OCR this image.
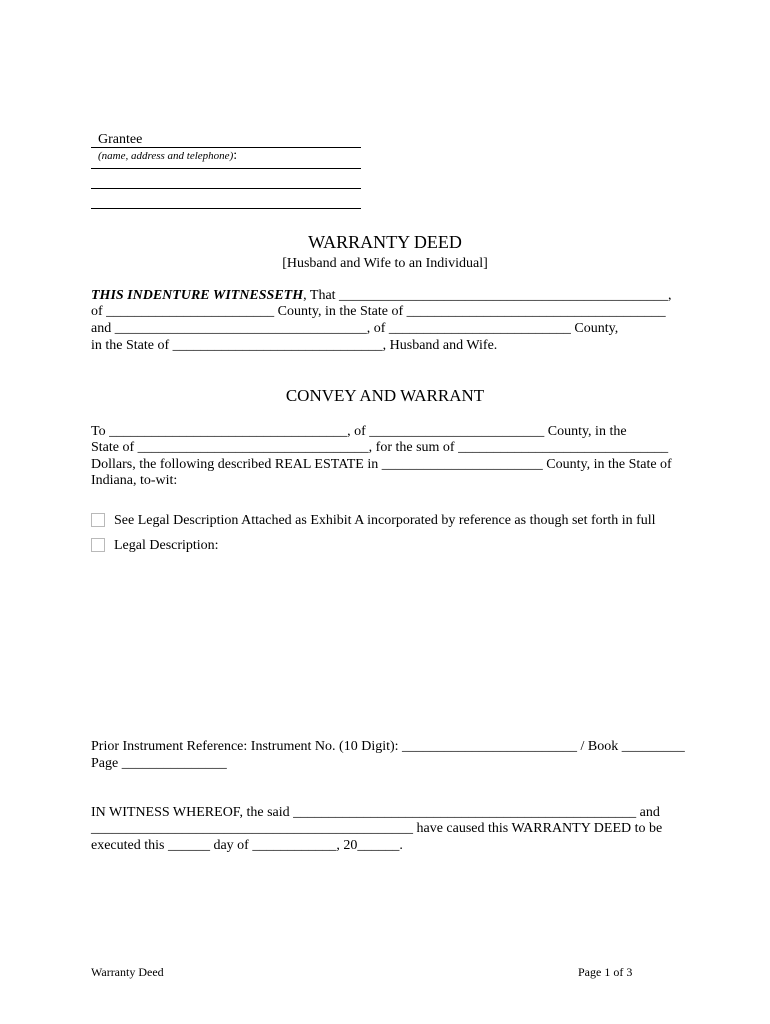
Grantee
(name, address and telephone):

WARRANTY DEED
[Husband and Wife to an Individual]
THIS INDENTURE WITNESSETH, That _______________________________________________,
of ________________________ County, in the State of _____________________________________
and ____________________________________, of __________________________ County,
in the State of ______________________________, Husband and Wife.
CONVEY AND WARRANT
To __________________________________, of _________________________ County, in the
State of _________________________________, for the sum of ______________________________
Dollars, the following described REAL ESTATE in _______________________ County, in the State of
Indiana, to-wit:
See Legal Description Attached as Exhibit A incorporated by reference as though set forth in full
Legal Description:
Prior Instrument Reference: Instrument No. (10 Digit): _________________________ / Book _________
Page _______________
IN WITNESS WHEREOF, the said _________________________________________________ and
______________________________________________ have caused this WARRANTY DEED to be
executed this ______ day of ____________, 20______.
Warranty Deed	Page 1 of 3
